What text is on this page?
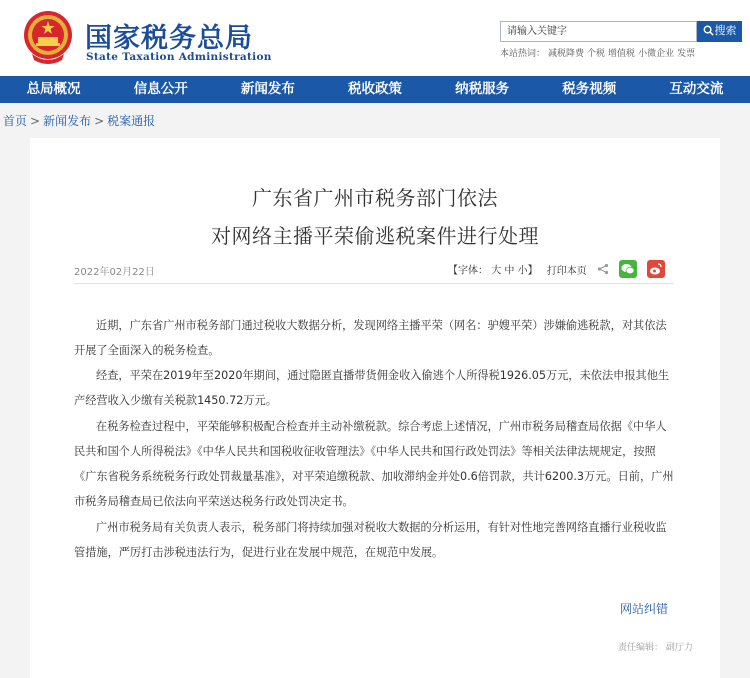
国家税务总局
State Taxation Administration
请输入关键字	搜索
本站热词： 减税降费 个税 增值税 小微企业 发票
总局概况	信息公开	新闻发布	税收政策	纳税服务	税务视频	互动交流
首页 > 新闻发布 > 税案通报
广东省广州市税务部门依法
对网络主播平荣偷逃税案件进行处理
2022年02月22日	【字体： 大 中 小】 打印本页

近期，广东省广州市税务部门通过税收大数据分析，发现网络主播平荣（网名：驴嫂平荣）涉嫌偷逃税款，对其依法开展了全面深入的税务检查。

经查，平荣在2019年至2020年期间，通过隐匿直播带货佣金收入偷逃个人所得税1926.05万元，未依法申报其他生产经营收入少缴有关税款1450.72万元。

在税务检查过程中，平荣能够积极配合检查并主动补缴税款。综合考虑上述情况，广州市税务局稽查局依据《中华人民共和国个人所得税法》《中华人民共和国税收征收管理法》《中华人民共和国行政处罚法》等相关法律法规规定，按照《广东省税务系统税务行政处罚裁量基准》，对平荣追缴税款、加收滞纳金并处0.6倍罚款，共计6200.3万元。日前，广州市税务局稽查局已依法向平荣送达税务行政处罚决定书。

广州市税务局有关负责人表示，税务部门将持续加强对税收大数据的分析运用，有针对性地完善网络直播行业税收监管措施，严厉打击涉税违法行为，促进行业在发展中规范，在规范中发展。

网站纠错
责任编辑： 副厅力
